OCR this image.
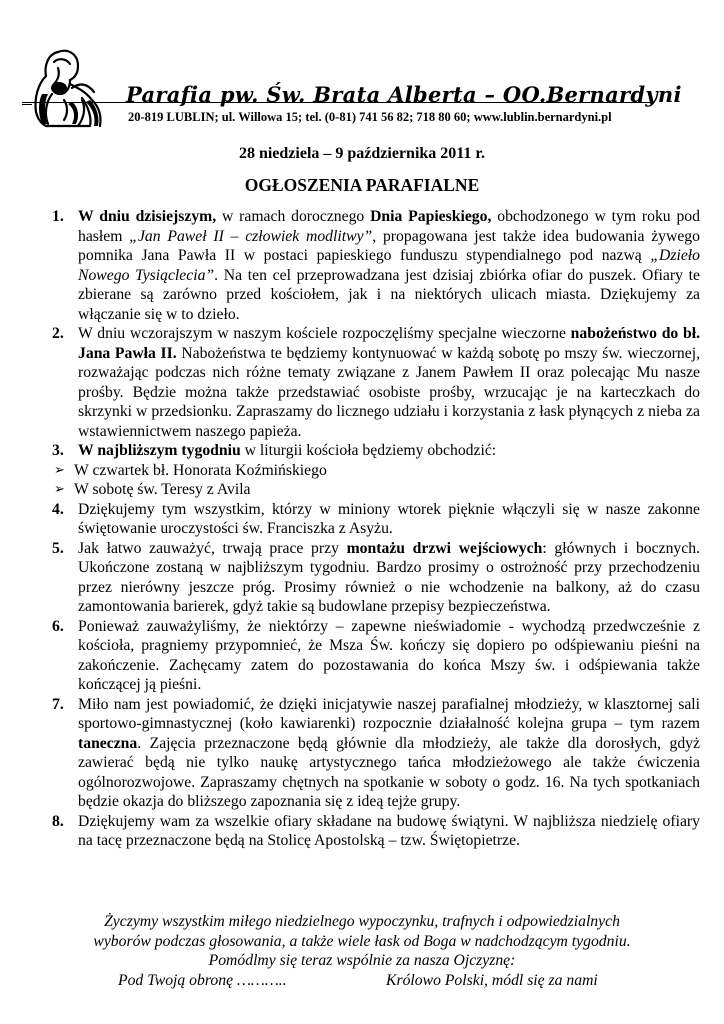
Parafia pw. Św. Brata Alberta – OO.Bernardyni
20-819 LUBLIN; ul. Willowa 15; tel. (0-81) 741 56 82; 718 80 60; www.lublin.bernardyni.pl
28 niedziela – 9 października 2011 r.
OGŁOSZENIA PARAFIALNE
1. W dniu dzisiejszym, w ramach dorocznego Dnia Papieskiego, obchodzonego w tym roku pod hasłem „Jan Paweł II – człowiek modlitwy”, propagowana jest także idea budowania żywego pomnika Jana Pawła II w postaci papieskiego funduszu stypendialnego pod nazwą „Dzieło Nowego Tysiąclecia”. Na ten cel przeprowadzana jest dzisiaj zbiórka ofiar do puszek. Ofiary te zbierane są zarówno przed kościołem, jak i na niektórych ulicach miasta. Dziękujemy za włączanie się w to dzieło.
2. W dniu wczorajszym w naszym kościele rozpoczęliśmy specjalne wieczorne nabożeństwo do bł. Jana Pawła II. Nabożeństwa te będziemy kontynuować w każdą sobotę po mszy św. wieczornej, rozważając podczas nich różne tematy związane z Janem Pawłem II oraz polecając Mu nasze prośby. Będzie można także przedstawiać osobiste prośby, wrzucając je na karteczkach do skrzynki w przedsionku. Zapraszamy do licznego udziału i korzystania z łask płynących z nieba za wstawiennictwem naszego papieża.
3. W najbliższym tygodniu w liturgii kościoła będziemy obchodzić:
➢ W czwartek bł. Honorata Koźmińskiego
➢ W sobotę św. Teresy z Avila
4. Dziękujemy tym wszystkim, którzy w miniony wtorek pięknie włączyli się w nasze zakonne świętowanie uroczystości św. Franciszka z Asyżu.
5. Jak łatwo zauważyć, trwają prace przy montażu drzwi wejściowych: głównych i bocznych. Ukończone zostaną w najbliższym tygodniu. Bardzo prosimy o ostrożność przy przechodzeniu przez nierówny jeszcze próg. Prosimy również o nie wchodzenie na balkony, aż do czasu zamontowania barierek, gdyż takie są budowlane przepisy bezpieczeństwa.
6. Ponieważ zauważyliśmy, że niektórzy – zapewne nieświadomie - wychodzą przedwcześnie z kościoła, pragniemy przypomnieć, że Msza Św. kończy się dopiero po odśpiewaniu pieśni na zakończenie. Zachęcamy zatem do pozostawania do końca Mszy św. i odśpiewania także kończącej ją pieśni.
7. Miło nam jest powiadomić, że dzięki inicjatywie naszej parafialnej młodzieży, w klasztornej sali sportowo-gimnastycznej (koło kawiarenki) rozpocznie działalność kolejna grupa – tym razem taneczna. Zajęcia przeznaczone będą głównie dla młodzieży, ale także dla dorosłych, gdyż zawierać będą nie tylko naukę artystycznego tańca młodzieżowego ale także ćwiczenia ogólnorozwojowe. Zapraszamy chętnych na spotkanie w soboty o godz. 16. Na tych spotkaniach będzie okazja do bliższego zapoznania się z ideą tejże grupy.
8. Dziękujemy wam za wszelkie ofiary składane na budowę świątyni. W najbliższa niedzielę ofiary na tacę przeznaczone będą na Stolicę Apostolską – tzw. Świętopietrze.
Życzymy wszystkim miłego niedzielnego wypoczynku, trafnych i odpowiedzialnych
wyborów podczas głosowania, a także wiele łask od Boga w nadchodzącym tygodniu.
Pomódlmy się teraz wspólnie za nasza Ojczyznę:
Pod Twoją obronę ………..	Królowo Polski, módl się za nami
